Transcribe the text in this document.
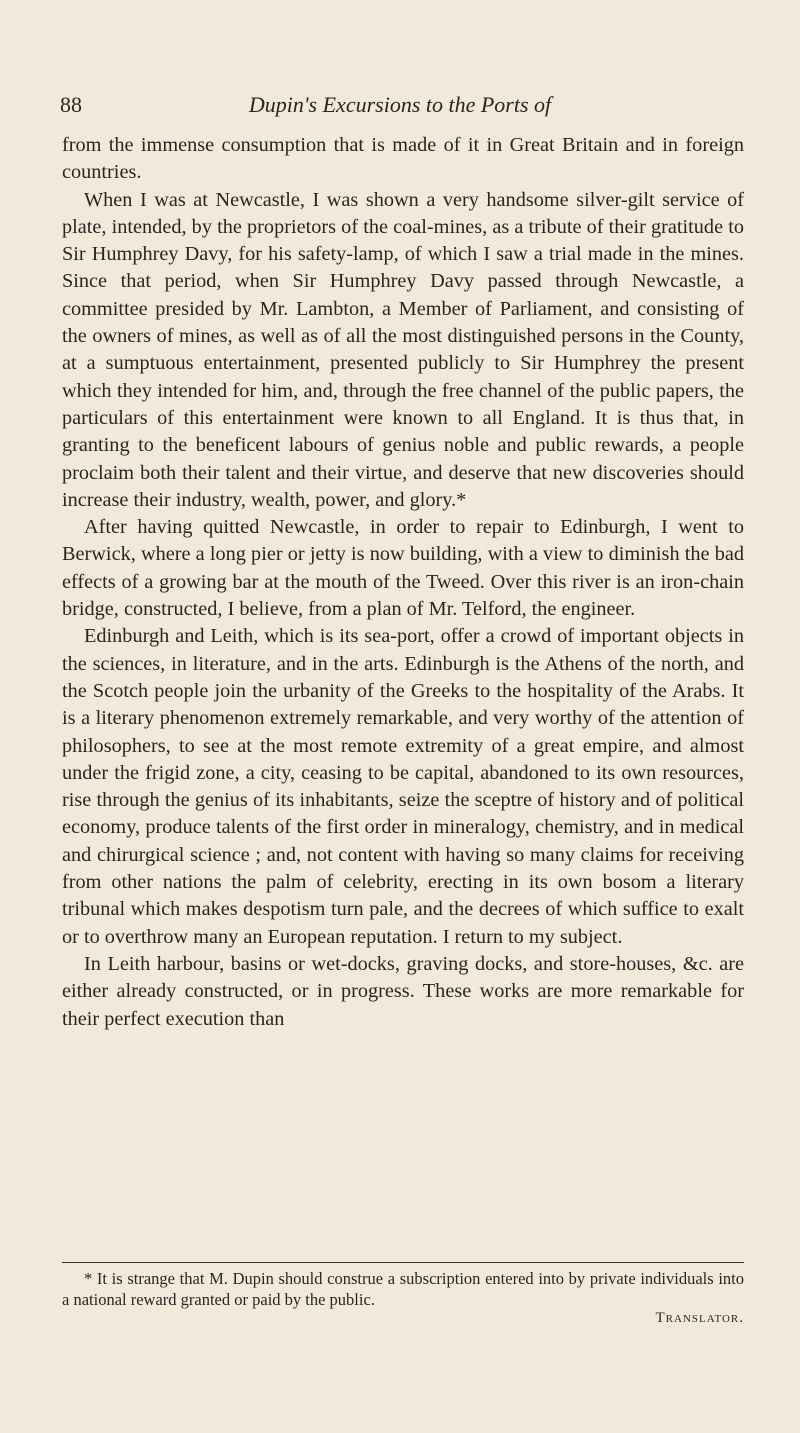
88	Dupin's Excursions to the Ports of

from the immense consumption that is made of it in Great Britain and in foreign countries.

When I was at Newcastle, I was shown a very handsome silver-gilt service of plate, intended, by the proprietors of the coal-mines, as a tribute of their gratitude to Sir Humphrey Davy, for his safety-lamp, of which I saw a trial made in the mines. Since that period, when Sir Humphrey Davy passed through Newcastle, a committee presided by Mr. Lambton, a Member of Parliament, and consisting of the owners of mines, as well as of all the most distinguished persons in the County, at a sumptuous entertainment, presented publicly to Sir Humphrey the present which they intended for him, and, through the free channel of the public papers, the particulars of this entertainment were known to all England. It is thus that, in granting to the beneficent labours of genius noble and public rewards, a people proclaim both their talent and their virtue, and deserve that new discoveries should increase their industry, wealth, power, and glory.*

After having quitted Newcastle, in order to repair to Edinburgh, I went to Berwick, where a long pier or jetty is now building, with a view to diminish the bad effects of a growing bar at the mouth of the Tweed. Over this river is an iron-chain bridge, constructed, I believe, from a plan of Mr. Telford, the engineer.

Edinburgh and Leith, which is its sea-port, offer a crowd of important objects in the sciences, in literature, and in the arts. Edinburgh is the Athens of the north, and the Scotch people join the urbanity of the Greeks to the hospitality of the Arabs. It is a literary phenomenon extremely remarkable, and very worthy of the attention of philosophers, to see at the most remote extremity of a great empire, and almost under the frigid zone, a city, ceasing to be capital, abandoned to its own resources, rise through the genius of its inhabitants, seize the sceptre of history and of political economy, produce talents of the first order in mineralogy, chemistry, and in medical and chirurgical science ; and, not content with having so many claims for receiving from other nations the palm of celebrity, erecting in its own bosom a literary tribunal which makes despotism turn pale, and the decrees of which suffice to exalt or to overthrow many an European reputation. I return to my subject.

In Leith harbour, basins or wet-docks, graving docks, and store-houses, &c. are either already constructed, or in progress. These works are more remarkable for their perfect execution than

* It is strange that M. Dupin should construe a subscription entered into by private individuals into a national reward granted or paid by the public.

Translator.
